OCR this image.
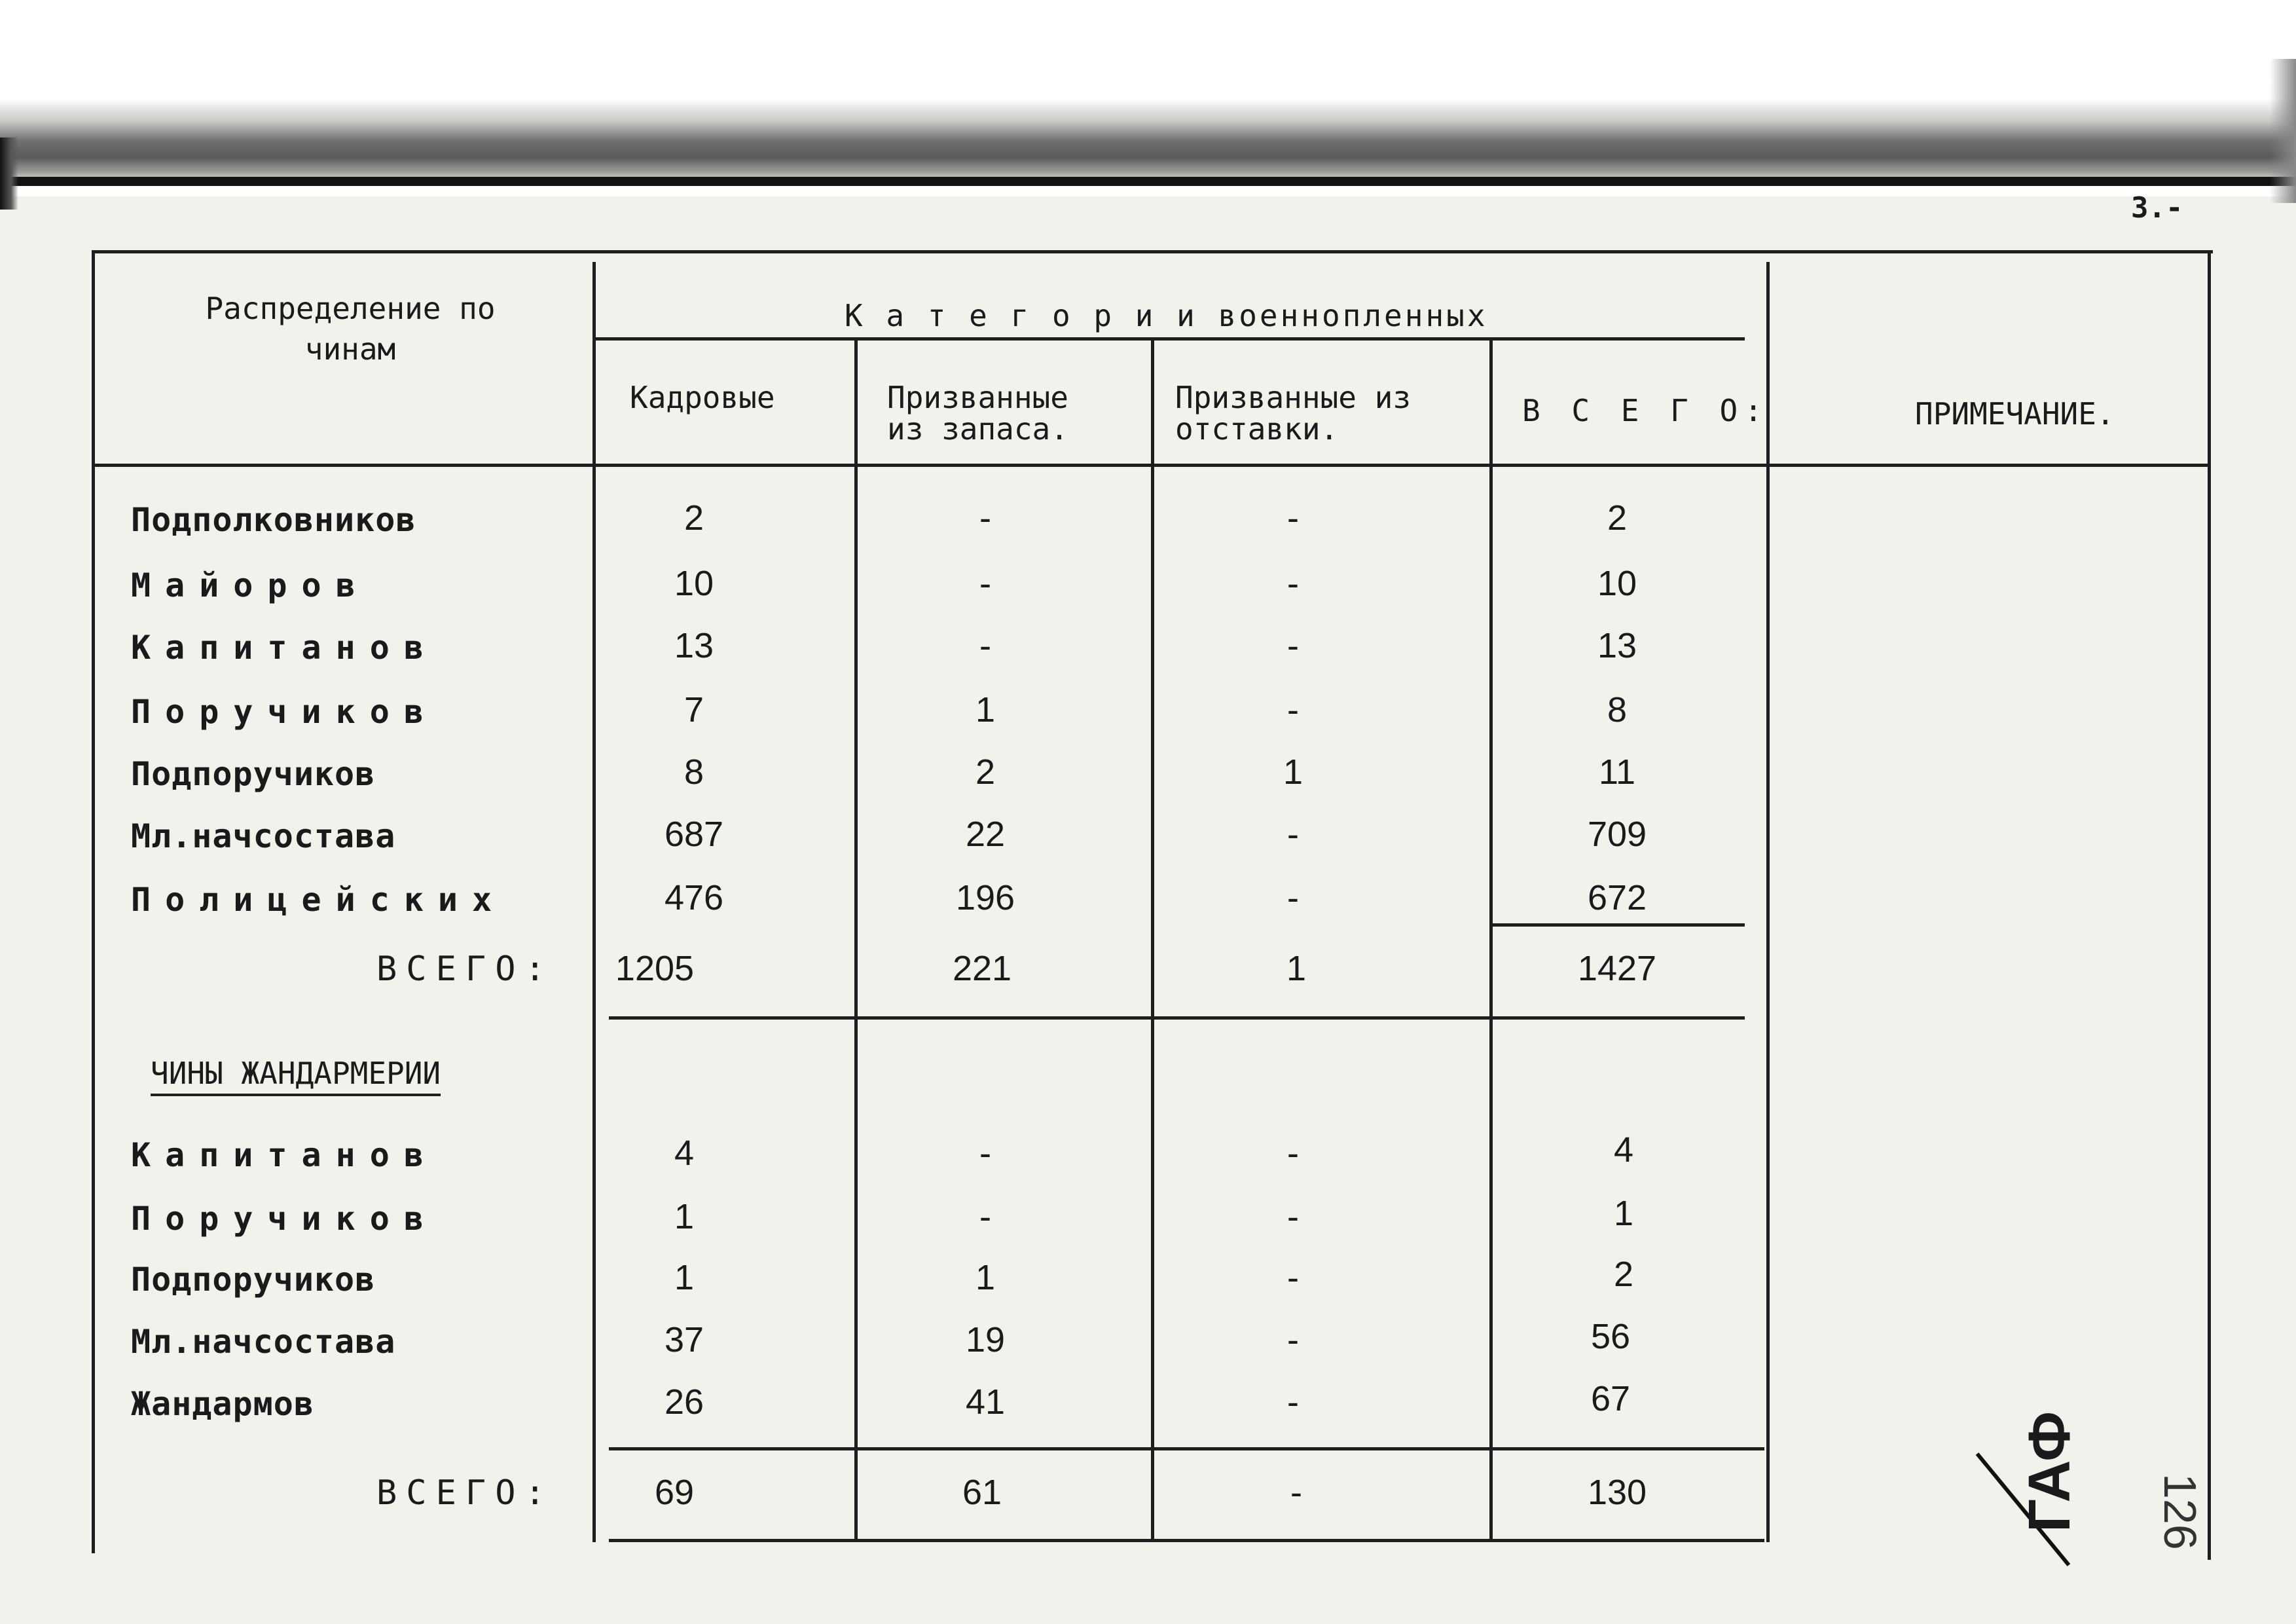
3.-
Распределение по чинам
К а т е г о р и и военнопленных
Кадровые	Призванные
из запаса.
Призванные из
отставки.
В С Е Г О:	ПРИМЕЧАНИЕ.
Подполковников	2	-	-	2
Майоров	10	-	-	10
Капитанов	13	-	-	13
Поручиков	7	1	-	8
Подпоручиков	8	2	1	11
Мл.начсостава	687	22	-	709
Полицейских	476	196	-	672
ВСЕГО: 1205	221	1	1427
ЧИНЫ ЖАНДАРМЕРИИ
Капитанов	4	-	-	4
Поручиков	1	-	-	1
Подпоручиков	1	1	-	2
Мл.начсостава	37	19	-	56
Жандармов	26	41	-	67
ВСЕГО:	69	61	-	130	ГАФ 126
